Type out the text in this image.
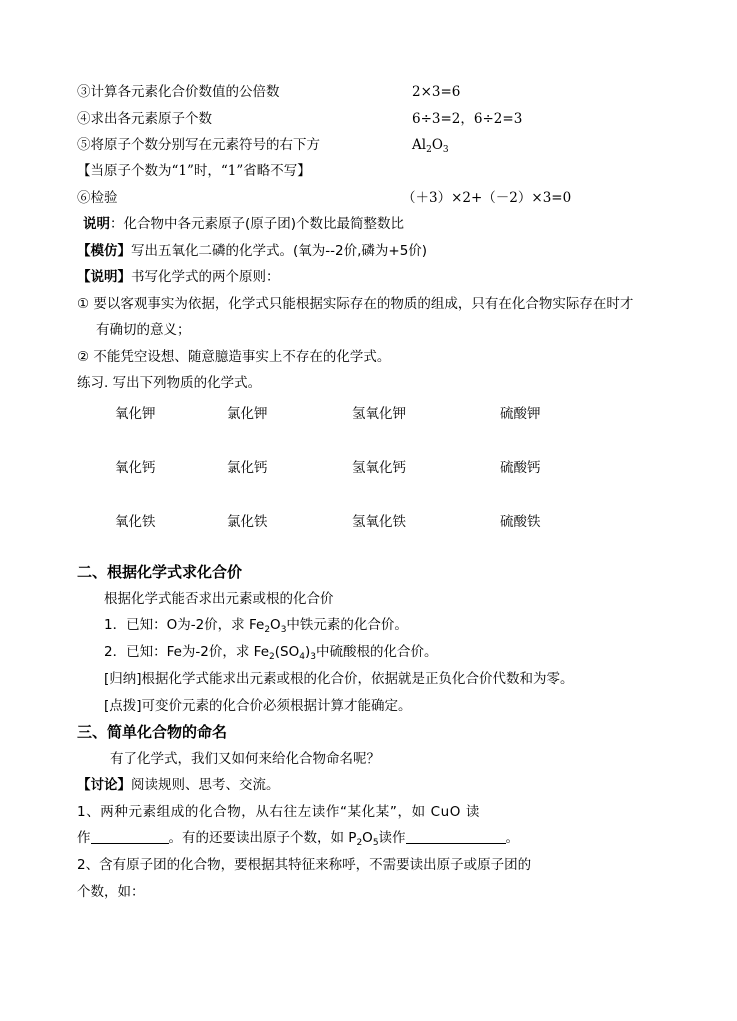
③计算各元素化合价数值的公倍数	2×3=6
④求出各元素原子个数	6÷3=2，6÷2=3
⑤将原子个数分别写在元素符号的右下方	$Al_2O_3$
【当原子个数为“1”时，“1”省略不写】
⑥检验	（＋3）×2+（－2）×3=0
说明：化合物中各元素原子(原子团)个数比最简整数比
【模仿】写出五氧化二磷的化学式。(氧为--2价,磷为+5价)
【说明】书写化学式的两个原则：
① 要以客观事实为依据，化学式只能根据实际存在的物质的组成，只有在化合物实际存在时才
有确切的意义；
② 不能凭空设想、随意臆造事实上不存在的化学式。
练习. 写出下列物质的化学式。
氧化钾	氯化钾	氢氧化钾	硫酸钾
氧化钙	氯化钙	氢氧化钙	硫酸钙
氧化铁	氯化铁	氢氧化铁	硫酸铁
二、根据化学式求化合价
根据化学式能否求出元素或根的化合价
1．已知：O为-2价，求 $Fe_2O_3$中铁元素的化合价。
2．已知：Fe为-2价，求 $Fe_2(SO_4)_3$中硫酸根的化合价。
[归纳]根据化学式能求出元素或根的化合价，依据就是正负化合价代数和为零。
[点拨]可变价元素的化合价必须根据计算才能确定。
三、简单化合物的命名
有了化学式，我们又如何来给化合物命名呢？
【讨论】阅读规则、思考、交流。
1、两种元素组成的化合物，从右往左读作“某化某”，如 CuO 读
作	。有的还要读出原子个数，如 $P_2O_5$读作	。
2、含有原子团的化合物，要根据其特征来称呼，不需要读出原子或原子团的
个数，如：
